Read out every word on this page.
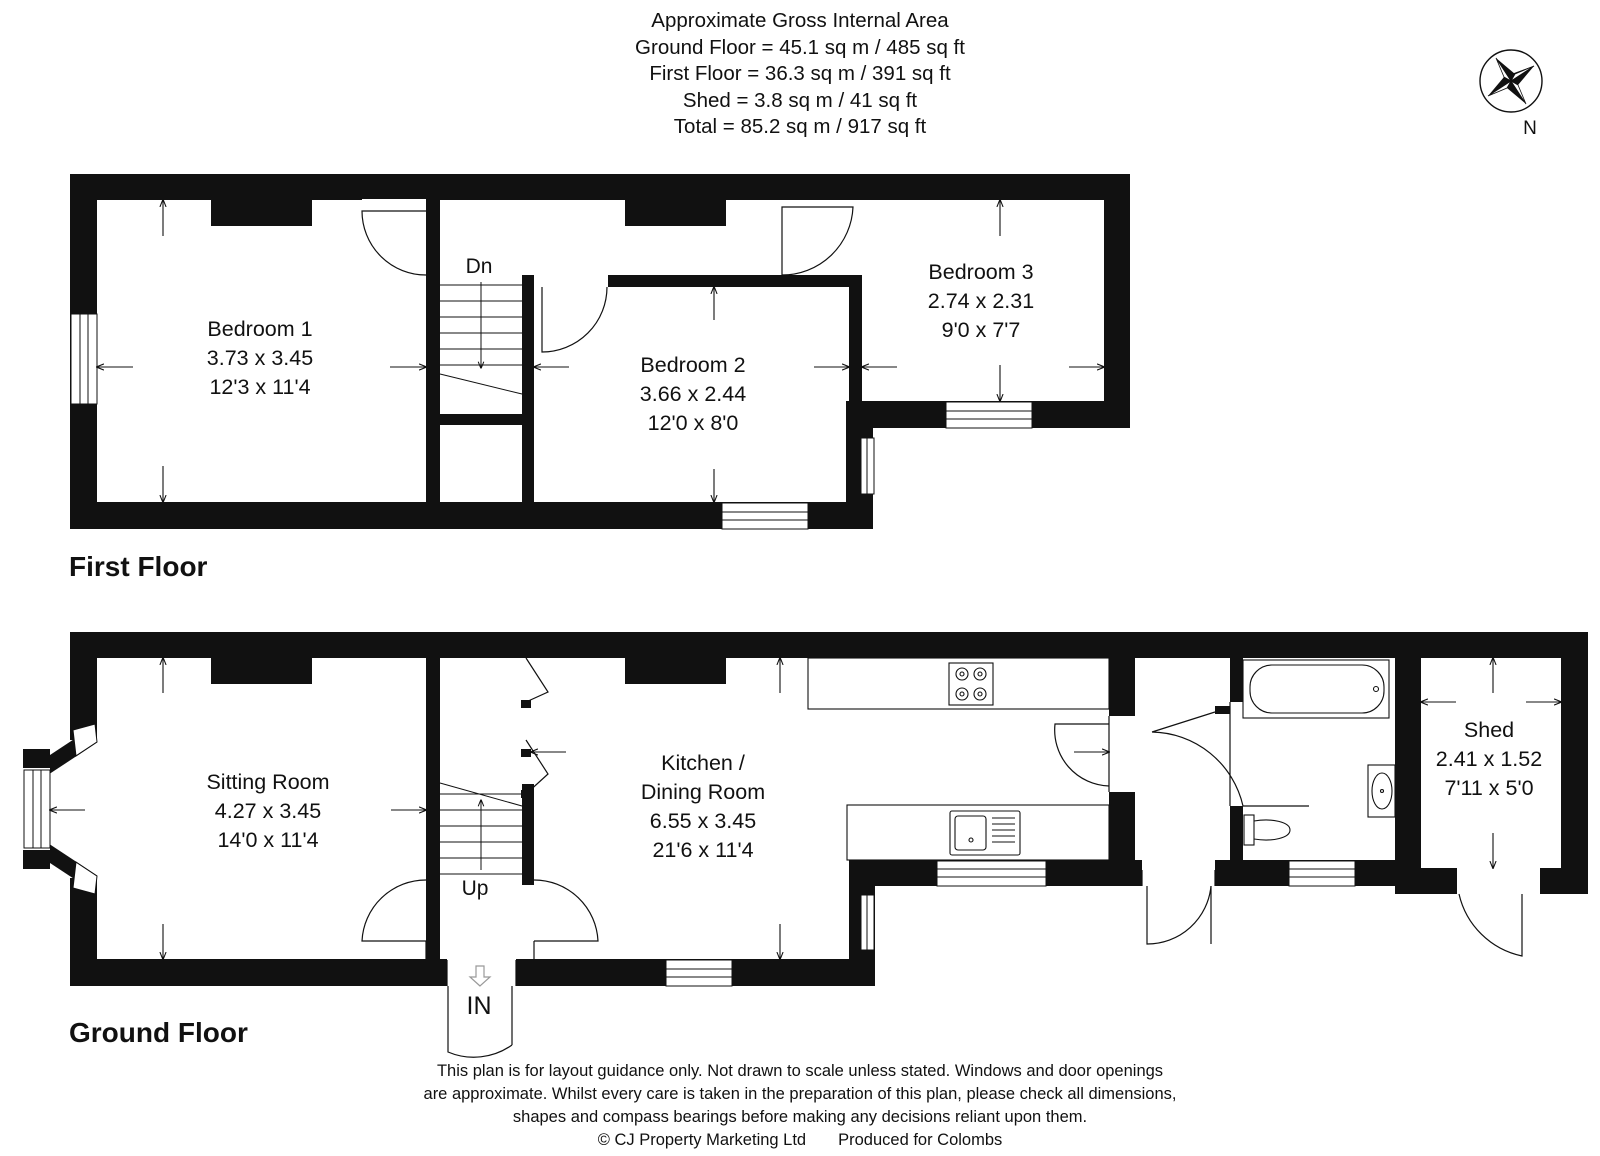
Approximate Gross Internal Area
Ground Floor = 45.1 sq m / 485 sq ft
First Floor = 36.3 sq m / 391 sq ft
Shed = 3.8 sq m / 41 sq ft
Total = 85.2 sq m / 917 sq ft
Dn
Bedroom 1
3.73 x 3.45
12'3 x 11'4
Bedroom 2
3.66 x 2.44
12'0 x 8'0
Bedroom 3
2.74 x 2.31
9'0 x 7'7
IN
Up
Sitting Room
4.27 x 3.45
14'0 x 11'4
Kitchen /
Dining Room
6.55 x 3.45
21'6 x 11'4
Shed
2.41 x 1.52
7'11 x 5'0
N
First Floor
Ground Floor
This plan is for layout guidance only. Not drawn to scale unless stated. Windows and door openings
are approximate. Whilst every care is taken in the preparation of this plan, please check all dimensions,
shapes and compass bearings before making any decisions reliant upon them.
© CJ Property Marketing Ltd Produced for Colombs
